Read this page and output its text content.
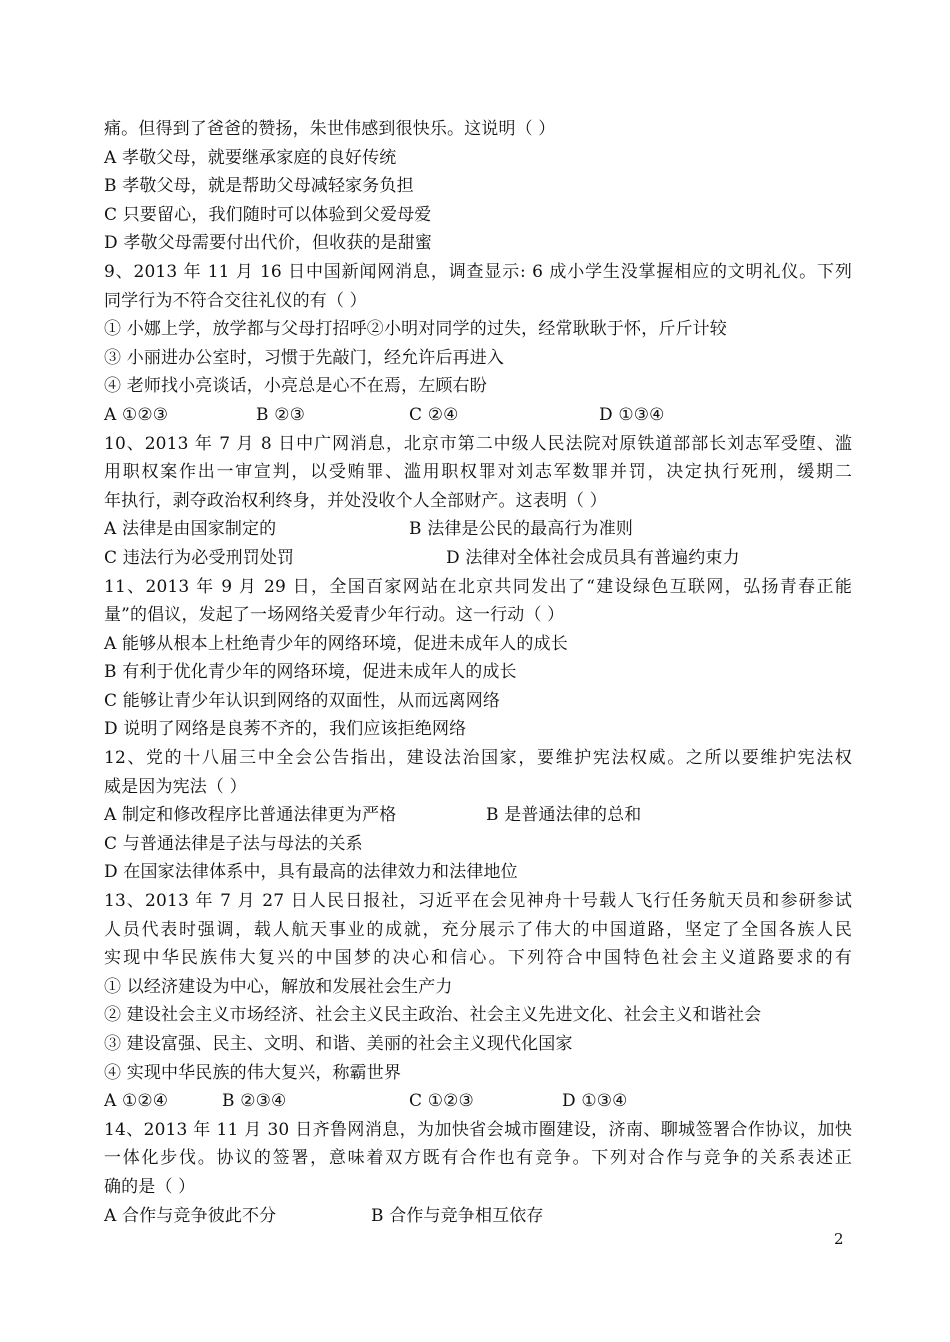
痛。但得到了爸爸的赞扬，朱世伟感到很快乐。这说明（ ）
A 孝敬父母，就要继承家庭的良好传统
B 孝敬父母，就是帮助父母减轻家务负担
C 只要留心，我们随时可以体验到父爱母爱
D 孝敬父母需要付出代价，但收获的是甜蜜
9、2013 年 11 月 16 日中国新闻网消息，调查显示: 6 成小学生没掌握相应的文明礼仪。下列
同学行为不符合交往礼仪的有（ ）
① 小娜上学，放学都与父母打招呼②小明对同学的过失，经常耿耿于怀，斤斤计较
③ 小丽进办公室时，习惯于先敲门，经允许后再进入
④ 老师找小亮谈话，小亮总是心不在焉，左顾右盼
A ①②③	B ②③	C ②④	D ①③④
10、2013 年 7 月 8 日中广网消息，北京市第二中级人民法院对原铁道部部长刘志军受堕、滥
用职权案作出一审宣判，以受贿罪、滥用职权罪对刘志军数罪并罚，决定执行死刑，缓期二
年执行，剥夺政治权利终身，并处没收个人全部财产。这表明（ ）
A 法律是由国家制定的	B 法律是公民的最高行为准则
C 违法行为必受刑罚处罚	D 法律对全体社会成员具有普遍约束力
11、2013 年 9 月 29 日，全国百家网站在北京共同发出了“建设绿色互联网，弘扬青春正能
量”的倡议，发起了一场网络关爱青少年行动。这一行动（ ）
A 能够从根本上杜绝青少年的网络环境，促进未成年人的成长
B 有利于优化青少年的网络环境，促进未成年人的成长
C 能够让青少年认识到网络的双面性，从而远离网络
D 说明了网络是良莠不齐的，我们应该拒绝网络
12、党的十八届三中全会公告指出，建设法治国家，要维护宪法权威。之所以要维护宪法权
威是因为宪法（ ）
A 制定和修改程序比普通法律更为严格	B 是普通法律的总和
C 与普通法律是子法与母法的关系
D 在国家法律体系中，具有最高的法律效力和法律地位
13、2013 年 7 月 27 日人民日报社，习近平在会见神舟十号载人飞行任务航天员和参研参试
人员代表时强调，载人航天事业的成就，充分展示了伟大的中国道路，坚定了全国各族人民
实现中华民族伟大复兴的中国梦的决心和信心。下列符合中国特色社会主义道路要求的有
① 以经济建设为中心，解放和发展社会生产力
② 建设社会主义市场经济、社会主义民主政治、社会主义先进文化、社会主义和谐社会
③ 建设富强、民主、文明、和谐、美丽的社会主义现代化国家
④ 实现中华民族的伟大复兴，称霸世界
A ①②④	B ②③④	C ①②③	D ①③④
14、2013 年 11 月 30 日齐鲁网消息，为加快省会城市圈建设，济南、聊城签署合作协议，加快
一体化步伐。协议的签署，意味着双方既有合作也有竞争。下列对合作与竞争的关系表述正
确的是（ ）
A 合作与竞争彼此不分	B 合作与竞争相互依存
2
